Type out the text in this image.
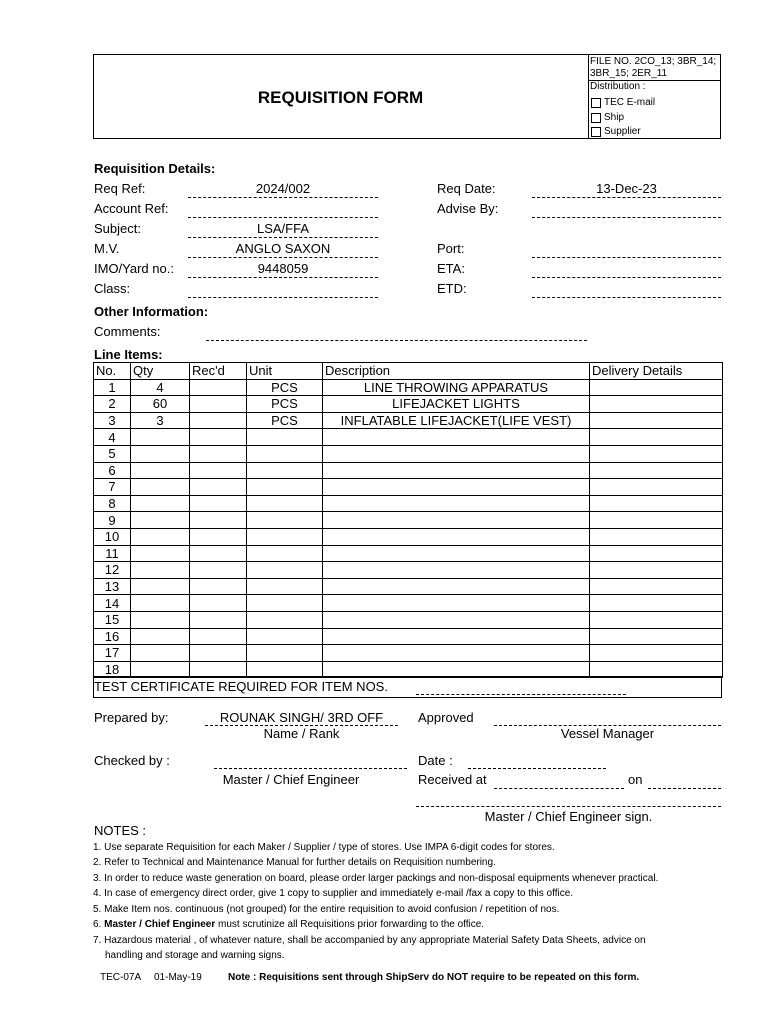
REQUISITION FORM
FILE NO. 2CO_13; 3BR_14; 3BR_15; 2ER_11
Distribution :
TEC E-mail
Ship
Supplier
Requisition Details:
Req Ref:	2024/002	Req Date:	13-Dec-23
Account Ref:	Advise By:
Subject:	LSA/FFA
M.V.	ANGLO SAXON	Port:
IMO/Yard no.:	9448059	ETA:
Class:	ETD:
Other Information:
Comments:
Line Items:
No.	Qty	Rec'd	Unit	Description	Delivery Details
1	4		PCS	LINE THROWING APPARATUS	
2	60		PCS	LIFEJACKET LIGHTS	
3	3		PCS	INFLATABLE LIFEJACKET(LIFE VEST)	
4					
5					
6					
7					
8					
9					
10					
11					
12					
13					
14					
15					
16					
17					
18					
TEST CERTIFICATE REQUIRED FOR ITEM NOS.
Prepared by:	ROUNAK SINGH/ 3RD OFF
Name / Rank
Approved
Vessel Manager
Checked by :
Master / Chief Engineer
Date :
Received at	on
Master / Chief Engineer sign.
NOTES :
1. Use separate Requisition for each Maker / Supplier / type of stores. Use IMPA 6-digit codes for stores.
2. Refer to Technical and Maintenance Manual for further details on Requisition numbering.
3. In order to reduce waste generation on board, please order larger packings and non-disposal equipments whenever practical.
4. In case of emergency direct order, give 1 copy to supplier and immediately e-mail /fax a copy to this office.
5. Make Item nos. continuous (not grouped) for the entire requisition to avoid confusion / repetition of nos.
6. Master / Chief Engineer must scrutinize all Requisitions prior forwarding to the office.
7. Hazardous material , of whatever nature, shall be accompanied by any appropriate Material Safety Data Sheets, advice on
handling and storage and warning signs.
TEC-07A 01-May-19	Note : Requisitions sent through ShipServ do NOT require to be repeated on this form.
